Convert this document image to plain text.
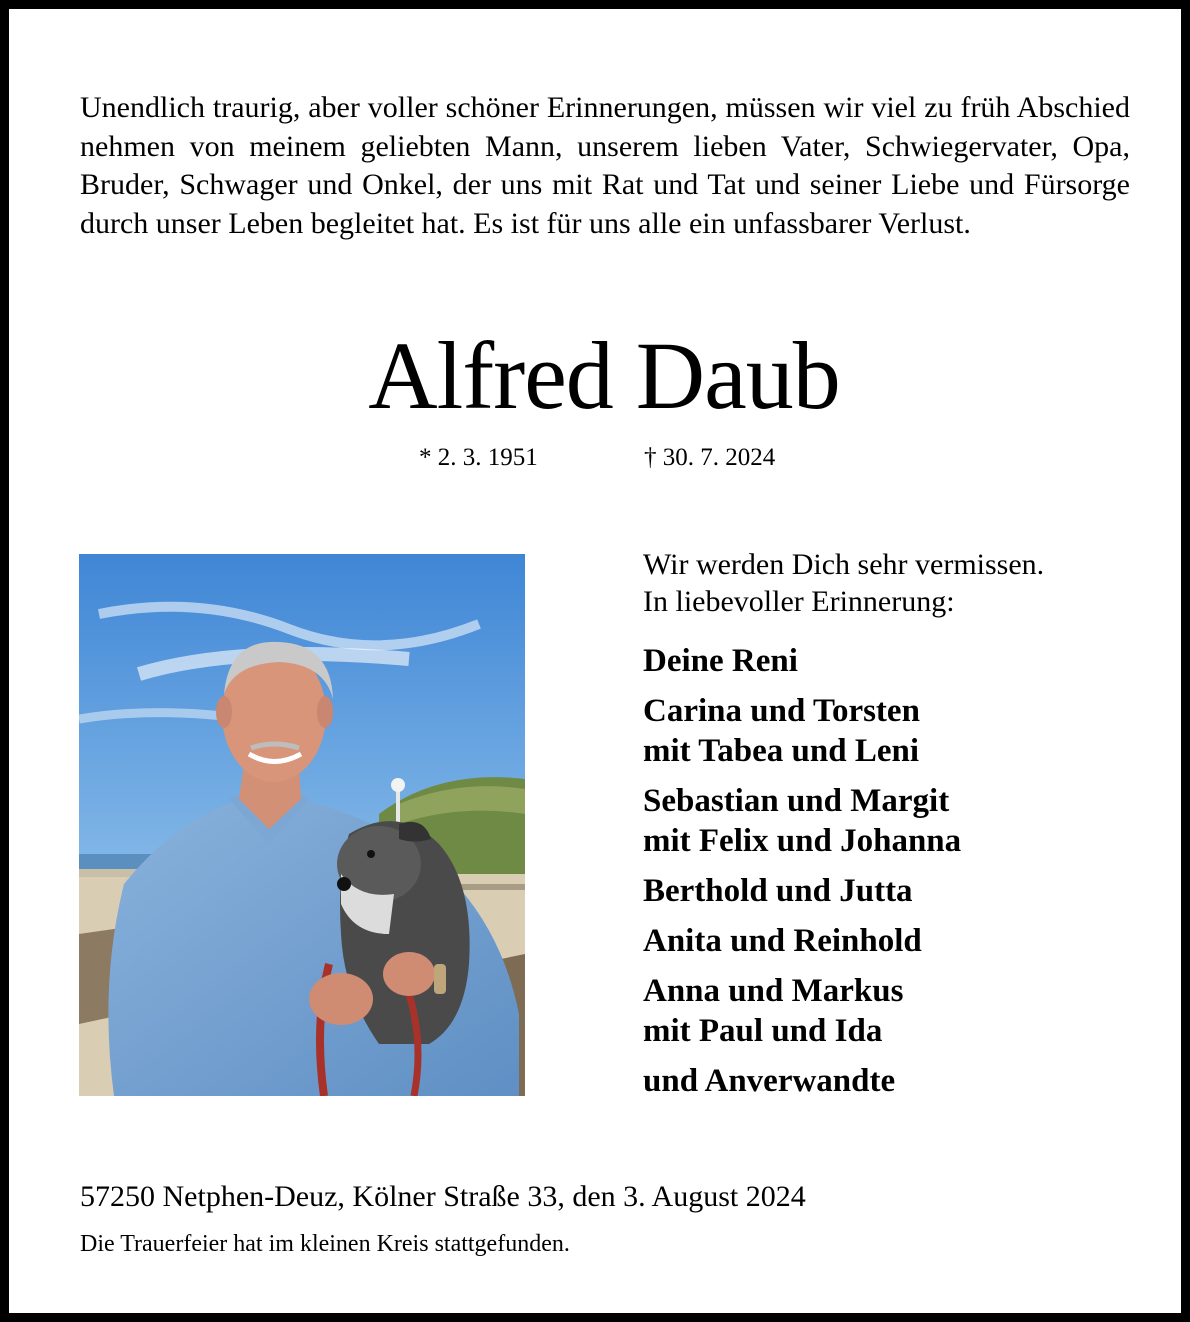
Unendlich traurig, aber voller schöner Erinnerungen, müssen wir viel zu früh Abschied nehmen von meinem geliebten Mann, unserem lieben Vater, Schwiegervater, Opa, Bruder, Schwager und Onkel, der uns mit Rat und Tat und seiner Liebe und Fürsorge durch unser Leben begleitet hat. Es ist für uns alle ein unfassbarer Verlust.

Alfred Daub
* 2. 3. 1951	† 30. 7. 2024
Wir werden Dich sehr vermissen.
In liebevoller Erinnerung:
Deine Reni
Carina und Torsten
mit Tabea und Leni
Sebastian und Margit
mit Felix und Johanna
Berthold und Jutta
Anita und Reinhold
Anna und Markus
mit Paul und Ida
und Anverwandte
57250 Netphen-Deuz, Kölner Straße 33, den 3. August 2024
Die Trauerfeier hat im kleinen Kreis stattgefunden.
